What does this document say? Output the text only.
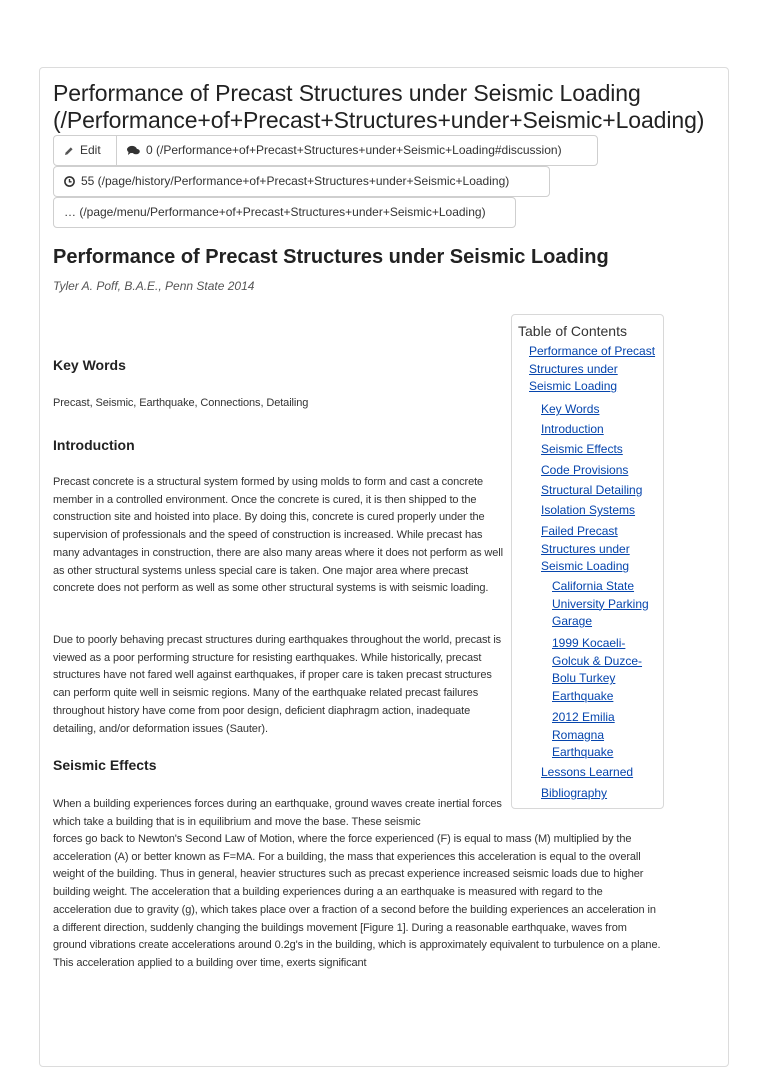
Performance of Precast Structures under Seismic Loading
(/Performance+of+Precast+Structures+under+Seismic+Loading)
Edit	0 (/Performance+of+Precast+Structures+under+Seismic+Loading#discussion)
55 (/page/history/Performance+of+Precast+Structures+under+Seismic+Loading)
… (/page/menu/Performance+of+Precast+Structures+under+Seismic+Loading)
Performance of Precast Structures under Seismic Loading
Tyler A. Poff, B.A.E., Penn State 2014
Key Words

Precast, Seismic, Earthquake, Connections, Detailing

Introduction

Precast concrete is a structural system formed by using molds to form and cast a concrete member in a controlled environment. Once the concrete is cured, it is then shipped to the construction site and hoisted into place. By doing this, concrete is cured properly under the supervision of professionals and the speed of construction is increased. While precast has many advantages in construction, there are also many areas where it does not perform as well as other structural systems unless special care is taken. One major area where precast concrete does not perform as well as some other structural systems is with seismic loading.

Due to poorly behaving precast structures during earthquakes throughout the world, precast is viewed as a poor performing structure for resisting earthquakes. While historically, precast structures have not fared well against earthquakes, if proper care is taken precast structures can perform quite well in seismic regions. Many of the earthquake related precast failures throughout history have come from poor design, deficient diaphragm action, inadequate detailing, and/or deformation issues (Sauter).

Seismic Effects

When a building experiences forces during an earthquake, ground waves create inertial forces which take a building that is in equilibrium and move the base. These seismic

forces go back to Newton's Second Law of Motion, where the force experienced (F) is equal to mass (M) multiplied by the acceleration (A) or better known as F=MA. For a building, the mass that experiences this acceleration is equal to the overall weight of the building. Thus in general, heavier structures such as precast experience increased seismic loads due to higher building weight. The acceleration that a building experiences during a an earthquake is measured with regard to the acceleration due to gravity (g), which takes place over a fraction of a second before the building experiences an acceleration in a different direction, suddenly changing the buildings movement [Figure 1]. During a reasonable earthquake, waves from ground vibrations create accelerations around 0.2g's in the building, which is approximately equivalent to turbulence on a plane. This acceleration applied to a building over time, exerts significant

Table of Contents
Performance of Precast Structures under Seismic Loading
Key Words
Introduction
Seismic Effects
Code Provisions
Structural Detailing
Isolation Systems
Failed Precast Structures under Seismic Loading
California State University Parking Garage
1999 Kocaeli-Golcuk & Duzce-Bolu Turkey Earthquake
2012 Emilia Romagna Earthquake
Lessons Learned
Bibliography
